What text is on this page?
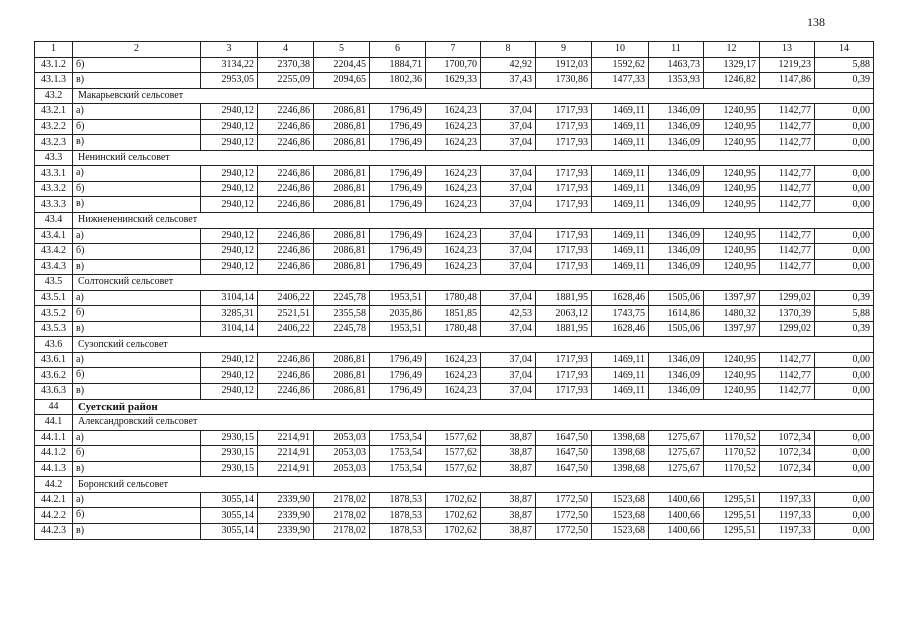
138
1	2	3	4	5	6	7	8	9	10	11	12	13	14
43.1.2	б)	3134,22	2370,38	2204,45	1884,71	1700,70	42,92	1912,03	1592,62	1463,73	1329,17	1219,23	5,88
43.1.3	в)	2953,05	2255,09	2094,65	1802,36	1629,33	37,43	1730,86	1477,33	1353,93	1246,82	1147,86	0,39
43.2	Макарьевский сельсовет												
43.2.1	а)	2940,12	2246,86	2086,81	1796,49	1624,23	37,04	1717,93	1469,11	1346,09	1240,95	1142,77	0,00
43.2.2	б)	2940,12	2246,86	2086,81	1796,49	1624,23	37,04	1717,93	1469,11	1346,09	1240,95	1142,77	0,00
43.2.3	в)	2940,12	2246,86	2086,81	1796,49	1624,23	37,04	1717,93	1469,11	1346,09	1240,95	1142,77	0,00
43.3	Ненинский сельсовет												
43.3.1	а)	2940,12	2246,86	2086,81	1796,49	1624,23	37,04	1717,93	1469,11	1346,09	1240,95	1142,77	0,00
43.3.2	б)	2940,12	2246,86	2086,81	1796,49	1624,23	37,04	1717,93	1469,11	1346,09	1240,95	1142,77	0,00
43.3.3	в)	2940,12	2246,86	2086,81	1796,49	1624,23	37,04	1717,93	1469,11	1346,09	1240,95	1142,77	0,00
43.4	Нижнененинский сельсовет												
43.4.1	а)	2940,12	2246,86	2086,81	1796,49	1624,23	37,04	1717,93	1469,11	1346,09	1240,95	1142,77	0,00
43.4.2	б)	2940,12	2246,86	2086,81	1796,49	1624,23	37,04	1717,93	1469,11	1346,09	1240,95	1142,77	0,00
43.4.3	в)	2940,12	2246,86	2086,81	1796,49	1624,23	37,04	1717,93	1469,11	1346,09	1240,95	1142,77	0,00
43.5	Солтонский сельсовет												
43.5.1	а)	3104,14	2406,22	2245,78	1953,51	1780,48	37,04	1881,95	1628,46	1505,06	1397,97	1299,02	0,39
43.5.2	б)	3285,31	2521,51	2355,58	2035,86	1851,85	42,53	2063,12	1743,75	1614,86	1480,32	1370,39	5,88
43.5.3	в)	3104,14	2406,22	2245,78	1953,51	1780,48	37,04	1881,95	1628,46	1505,06	1397,97	1299,02	0,39
43.6	Сузопский сельсовет												
43.6.1	а)	2940,12	2246,86	2086,81	1796,49	1624,23	37,04	1717,93	1469,11	1346,09	1240,95	1142,77	0,00
43.6.2	б)	2940,12	2246,86	2086,81	1796,49	1624,23	37,04	1717,93	1469,11	1346,09	1240,95	1142,77	0,00
43.6.3	в)	2940,12	2246,86	2086,81	1796,49	1624,23	37,04	1717,93	1469,11	1346,09	1240,95	1142,77	0,00
44	Суетский район												
44.1	Александровский сельсовет												
44.1.1	а)	2930,15	2214,91	2053,03	1753,54	1577,62	38,87	1647,50	1398,68	1275,67	1170,52	1072,34	0,00
44.1.2	б)	2930,15	2214,91	2053,03	1753,54	1577,62	38,87	1647,50	1398,68	1275,67	1170,52	1072,34	0,00
44.1.3	в)	2930,15	2214,91	2053,03	1753,54	1577,62	38,87	1647,50	1398,68	1275,67	1170,52	1072,34	0,00
44.2	Боронский сельсовет												
44.2.1	а)	3055,14	2339,90	2178,02	1878,53	1702,62	38,87	1772,50	1523,68	1400,66	1295,51	1197,33	0,00
44.2.2	б)	3055,14	2339,90	2178,02	1878,53	1702,62	38,87	1772,50	1523,68	1400,66	1295,51	1197,33	0,00
44.2.3	в)	3055,14	2339,90	2178,02	1878,53	1702,62	38,87	1772,50	1523,68	1400,66	1295,51	1197,33	0,00
